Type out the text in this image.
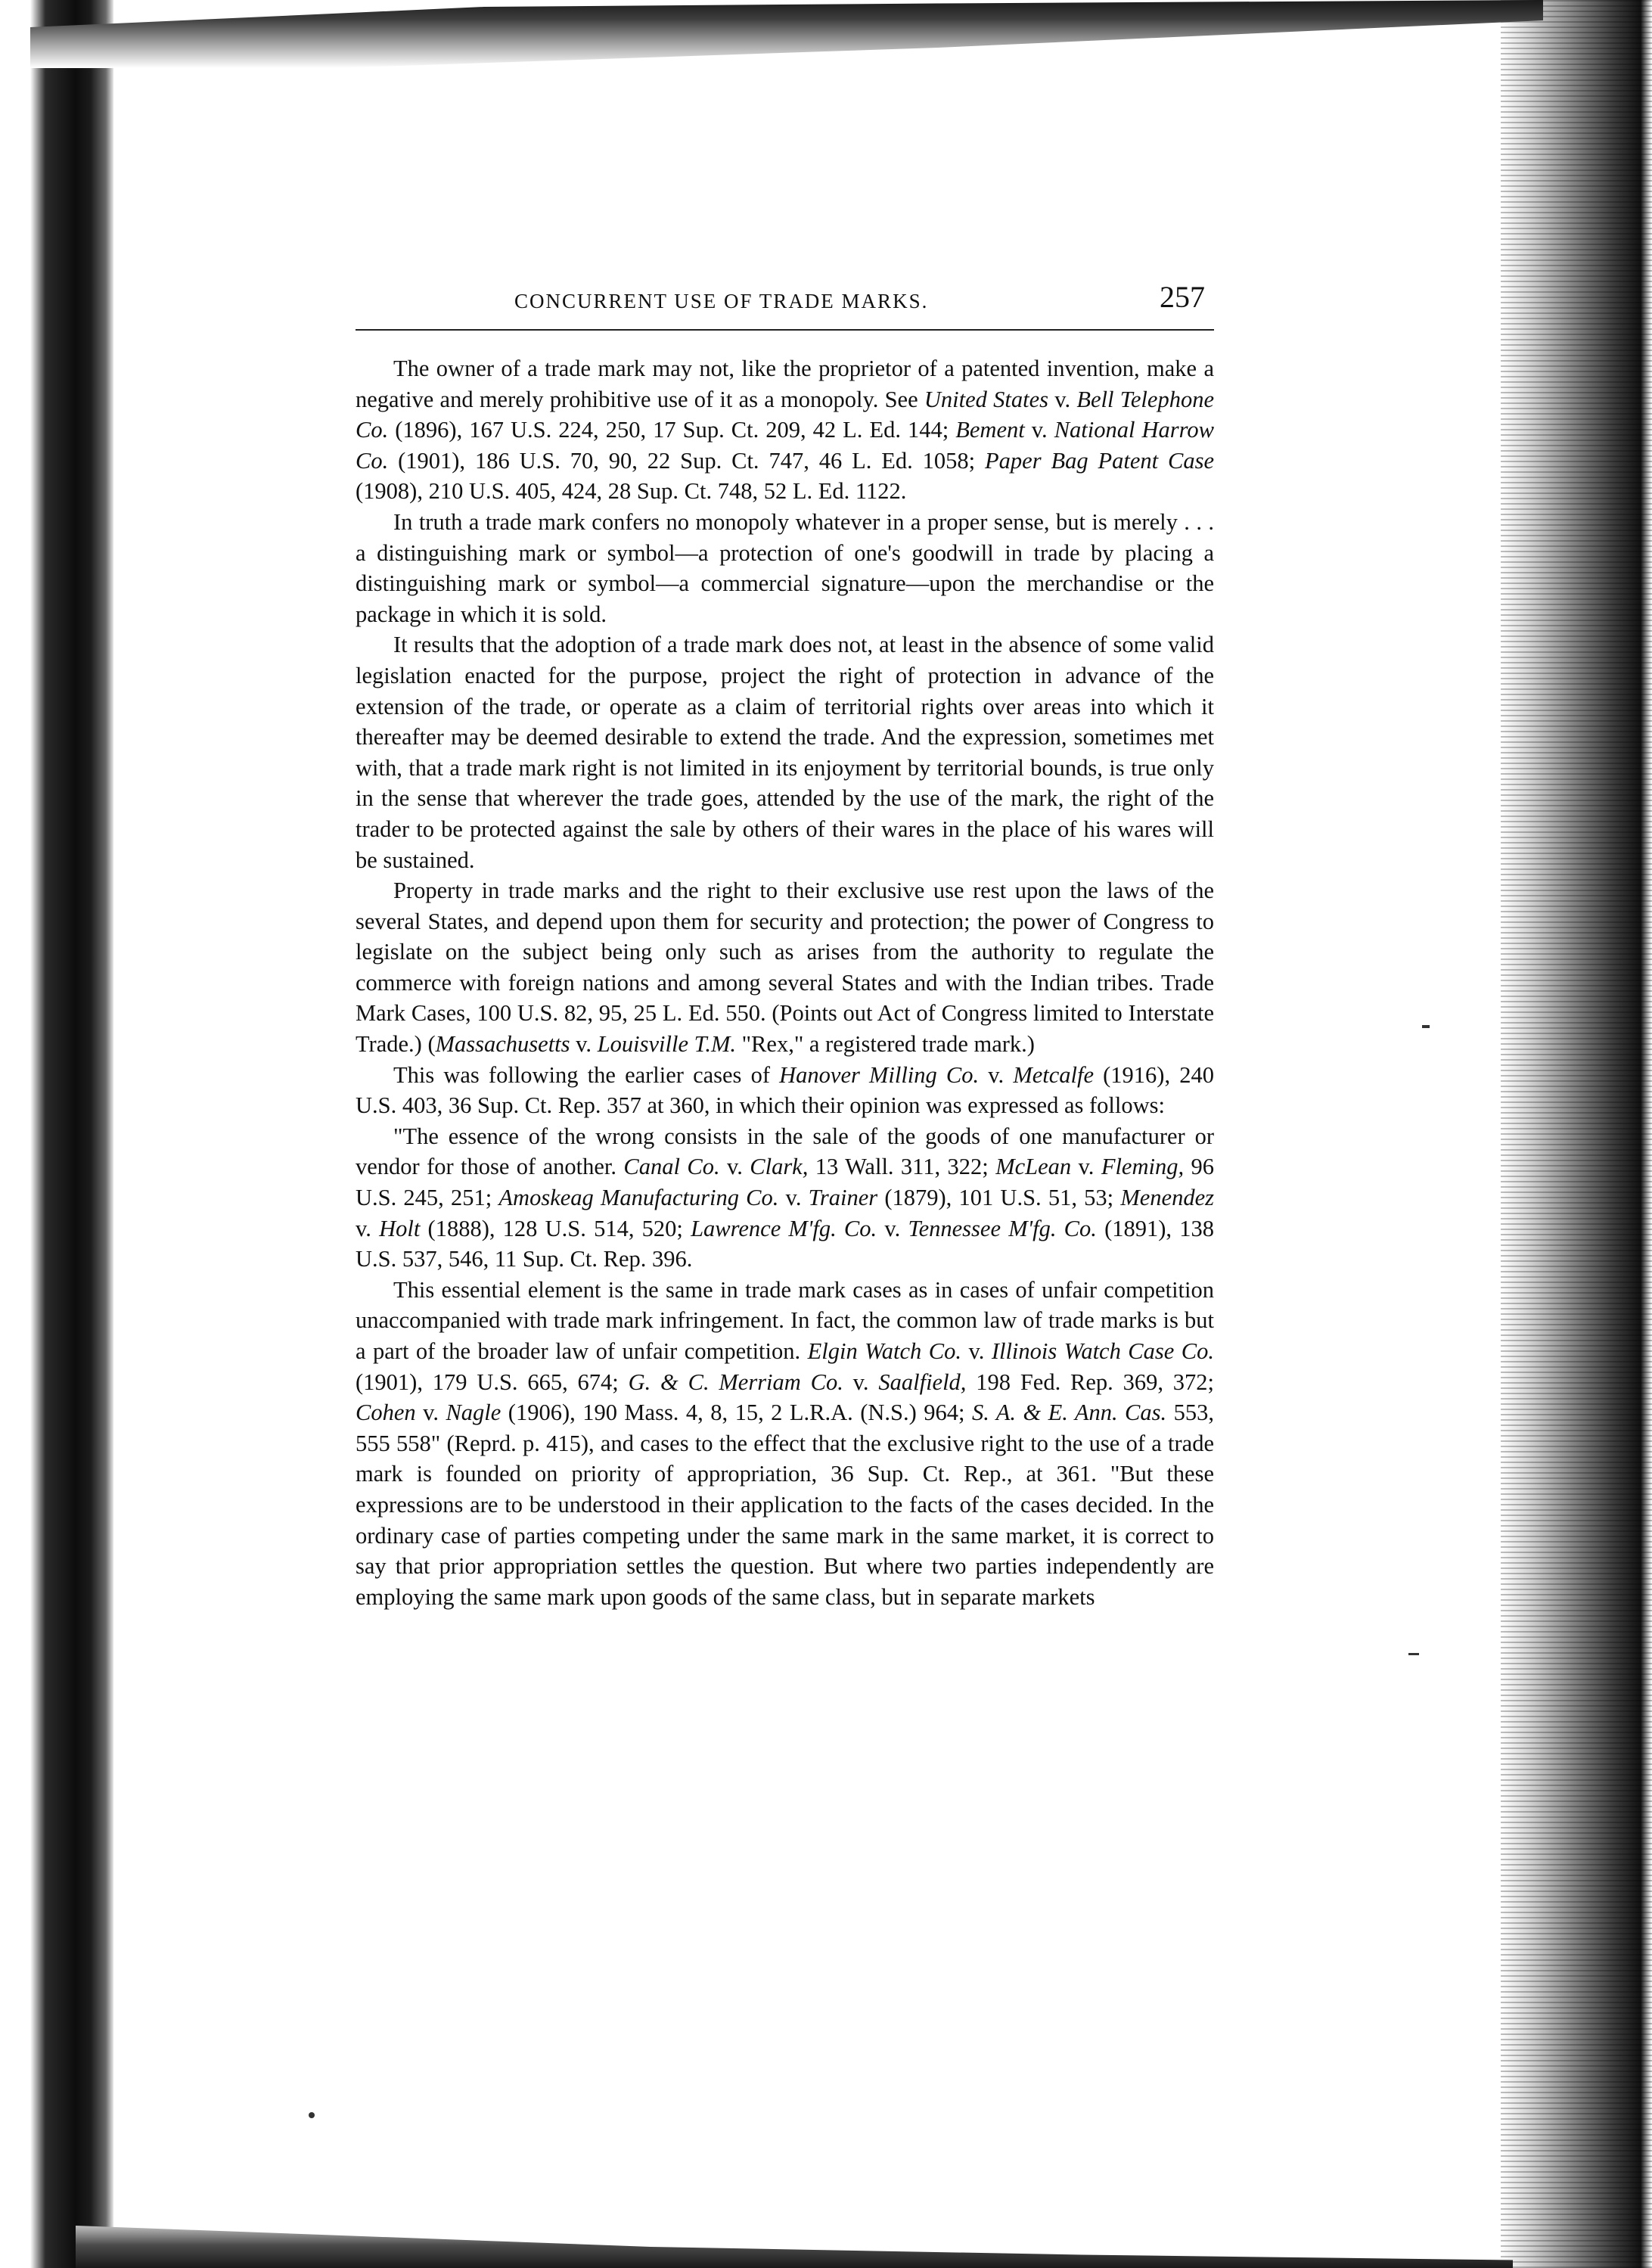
CONCURRENT USE OF TRADE MARKS.	257

The owner of a trade mark may not, like the proprietor of a patented invention, make a negative and merely prohibitive use of it as a monopoly. See United States v. Bell Telephone Co. (1896), 167 U.S. 224, 250, 17 Sup. Ct. 209, 42 L. Ed. 144; Bement v. National Harrow Co. (1901), 186 U.S. 70, 90, 22 Sup. Ct. 747, 46 L. Ed. 1058; Paper Bag Patent Case (1908), 210 U.S. 405, 424, 28 Sup. Ct. 748, 52 L. Ed. 1122.

In truth a trade mark confers no monopoly whatever in a proper sense, but is merely . . . a distinguishing mark or symbol—a protection of one's goodwill in trade by placing a distinguishing mark or symbol—a commercial signature—upon the merchandise or the package in which it is sold.

It results that the adoption of a trade mark does not, at least in the absence of some valid legislation enacted for the purpose, project the right of protection in advance of the extension of the trade, or operate as a claim of territorial rights over areas into which it thereafter may be deemed desirable to extend the trade. And the expression, sometimes met with, that a trade mark right is not limited in its enjoyment by territorial bounds, is true only in the sense that wherever the trade goes, attended by the use of the mark, the right of the trader to be protected against the sale by others of their wares in the place of his wares will be sustained.

Property in trade marks and the right to their exclusive use rest upon the laws of the several States, and depend upon them for security and protection; the power of Congress to legislate on the subject being only such as arises from the authority to regulate the commerce with foreign nations and among several States and with the Indian tribes. Trade Mark Cases, 100 U.S. 82, 95, 25 L. Ed. 550. (Points out Act of Congress limited to Interstate Trade.) (Massachusetts v. Louisville T.M. "Rex," a registered trade mark.)

This was following the earlier cases of Hanover Milling Co. v. Metcalfe (1916), 240 U.S. 403, 36 Sup. Ct. Rep. 357 at 360, in which their opinion was expressed as follows:

"The essence of the wrong consists in the sale of the goods of one manufacturer or vendor for those of another. Canal Co. v. Clark, 13 Wall. 311, 322; McLean v. Fleming, 96 U.S. 245, 251; Amoskeag Manufacturing Co. v. Trainer (1879), 101 U.S. 51, 53; Menendez v. Holt (1888), 128 U.S. 514, 520; Lawrence M'fg. Co. v. Tennessee M'fg. Co. (1891), 138 U.S. 537, 546, 11 Sup. Ct. Rep. 396.

This essential element is the same in trade mark cases as in cases of unfair competition unaccompanied with trade mark infringement. In fact, the common law of trade marks is but a part of the broader law of unfair competition. Elgin Watch Co. v. Illinois Watch Case Co. (1901), 179 U.S. 665, 674; G. & C. Merriam Co. v. Saalfield, 198 Fed. Rep. 369, 372; Cohen v. Nagle (1906), 190 Mass. 4, 8, 15, 2 L.R.A. (N.S.) 964; S. A. & E. Ann. Cas. 553, 555 558" (Reprd. p. 415), and cases to the effect that the exclusive right to the use of a trade mark is founded on priority of appropriation, 36 Sup. Ct. Rep., at 361. "But these expressions are to be understood in their application to the facts of the cases decided. In the ordinary case of parties competing under the same mark in the same market, it is correct to say that prior appropriation settles the question. But where two parties independently are employing the same mark upon goods of the same class, but in separate markets
